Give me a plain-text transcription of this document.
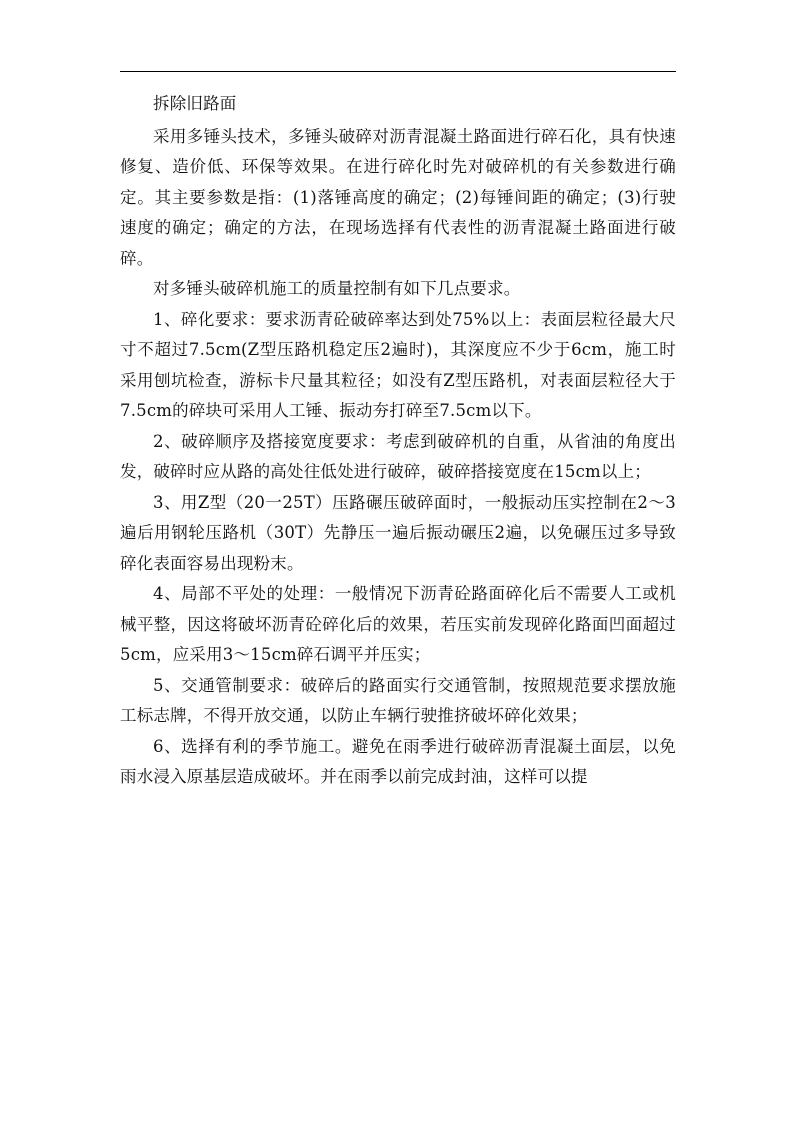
拆除旧路面

采用多锤头技术，多锤头破碎对沥青混凝土路面进行碎石化，具有快速修复、造价低、环保等效果。在进行碎化时先对破碎机的有关参数进行确定。其主要参数是指：(1)落锤高度的确定；(2)每锤间距的确定；(3)行驶速度的确定；确定的方法，在现场选择有代表性的沥青混凝土路面进行破碎。

对多锤头破碎机施工的质量控制有如下几点要求。

1、碎化要求：要求沥青砼破碎率达到处75%以上：表面层粒径最大尺寸不超过7.5cm(Z型压路机稳定压2遍时)，其深度应不少于6cm，施工时采用刨坑检查，游标卡尺量其粒径；如没有Z型压路机，对表面层粒径大于7.5cm的碎块可采用人工锤、振动夯打碎至7.5cm以下。

2、破碎顺序及搭接宽度要求：考虑到破碎机的自重，从省油的角度出发，破碎时应从路的高处往低处进行破碎，破碎搭接宽度在15cm以上；

3、用Z型（20一25T）压路碾压破碎面时，一般振动压实控制在2～3遍后用钢轮压路机（30T）先静压一遍后振动碾压2遍，以免碾压过多导致碎化表面容易出现粉末。

4、局部不平处的处理：一般情况下沥青砼路面碎化后不需要人工或机械平整，因这将破坏沥青砼碎化后的效果，若压实前发现碎化路面凹面超过5cm，应采用3～15cm碎石调平并压实；

5、交通管制要求：破碎后的路面实行交通管制，按照规范要求摆放施工标志牌，不得开放交通，以防止车辆行驶推挤破坏碎化效果；

6、选择有利的季节施工。避免在雨季进行破碎沥青混凝土面层，以免雨水浸入原基层造成破坏。并在雨季以前完成封油，这样可以提
